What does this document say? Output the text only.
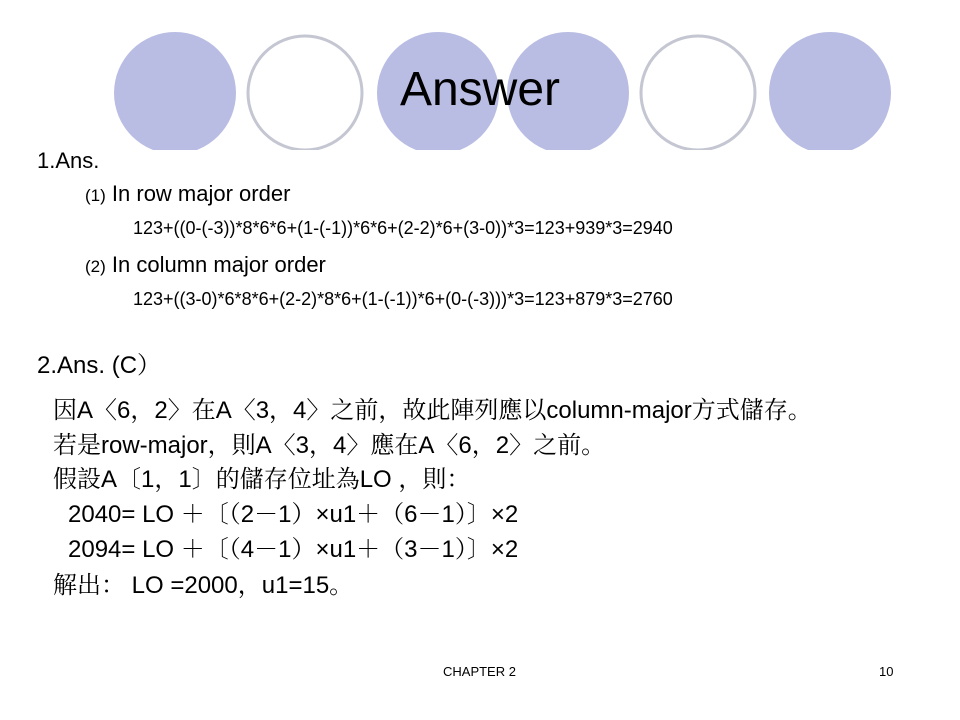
Answer
1.Ans.
(1) In row major order
123+((0-(-3))*8*6*6+(1-(-1))*6*6+(2-2)*6+(3-0))*3=123+939*3=2940
(2) In column major order
123+((3-0)*6*8*6+(2-2)*8*6+(1-(-1))*6+(0-(-3)))*3=123+879*3=2760
2.Ans. (C）
因A〈6，2〉在A〈3，4〉之前，故此陣列應以column-major方式儲存。
若是row-major，則A〈3，4〉應在A〈6，2〉之前。
假設A〔1，1〕的儲存位址為LO ，則：
2040= LO ＋〔（2－1）×u1＋（6－1）〕×2
2094= LO ＋〔（4－1）×u1＋（3－1）〕×2
解出： LO =2000，u1=15。
CHAPTER 2	10
